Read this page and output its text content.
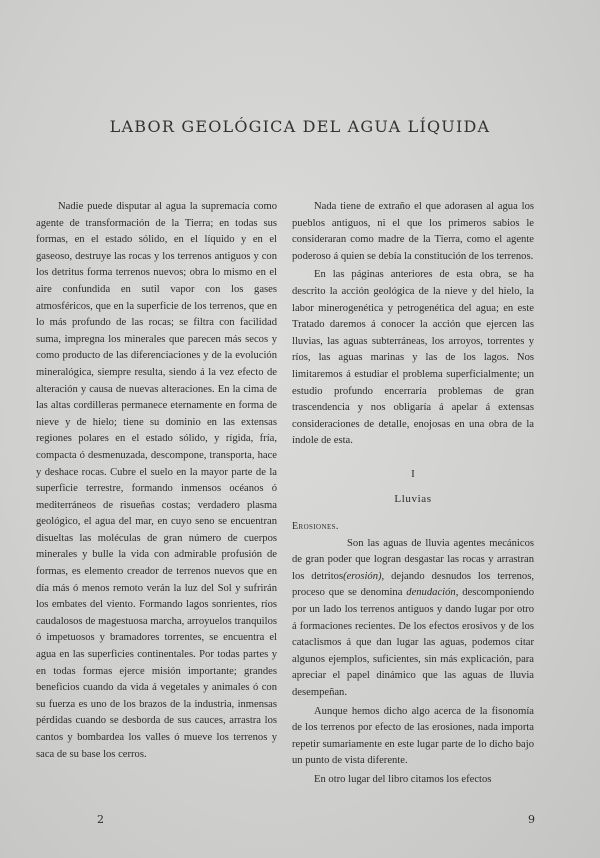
LABOR GEOLÓGICA DEL AGUA LÍQUIDA

Nadie puede disputar al agua la supremacía como agente de transformación de la Tierra; en todas sus formas, en el estado sólido, en el líquido y en el gaseoso, destruye las rocas y los terrenos antiguos y con los detritus forma terrenos nuevos; obra lo mismo en el aire confundida en sutil vapor con los gases atmosféricos, que en la superficie de los terrenos, que en lo más profundo de las rocas; se filtra con facilidad suma, impregna los minerales que parecen más secos y como producto de las diferenciaciones y de la evolución mineralógica, siempre resulta, siendo á la vez efecto de alteración y causa de nuevas alteraciones. En la cima de las altas cordilleras permanece eternamente en forma de nieve y de hielo; tiene su dominio en las extensas regiones polares en el estado sólido, y rígida, fría, compacta ó desmenuzada, descompone, transporta, hace y deshace rocas. Cubre el suelo en la mayor parte de la superficie terrestre, formando inmensos océanos ó mediterráneos de risueñas costas; verdadero plasma geológico, el agua del mar, en cuyo seno se encuentran disueltas las moléculas de gran número de cuerpos minerales y bulle la vida con admirable profusión de formas, es elemento creador de terrenos nuevos que en día más ó menos remoto verán la luz del Sol y sufrirán los embates del viento. Formando lagos sonrientes, ríos caudalosos de magestuosa marcha, arroyuelos tranquilos ó impetuosos y bramadores torrentes, se encuentra el agua en las superficies continentales. Por todas partes y en todas formas ejerce misión importante; grandes beneficios cuando da vida á vegetales y animales ó con su fuerza es uno de los brazos de la industria, inmensas pérdidas cuando se desborda de sus cauces, arrastra los cantos y bombardea los valles ó mueve los terrenos y saca de su base los cerros.

Nada tiene de extraño el que adorasen al agua los pueblos antiguos, ni el que los primeros sabios le consideraran como madre de la Tierra, como el agente poderoso á quien se debía la constitución de los terrenos.

En las páginas anteriores de esta obra, se ha descrito la acción geológica de la nieve y del hielo, la labor minerogenética y petrogenética del agua; en este Tratado daremos á conocer la acción que ejercen las lluvias, las aguas subterráneas, los arroyos, torrentes y ríos, las aguas marinas y las de los lagos. Nos limitaremos á estudiar el problema superficialmente; un estudio profundo encerraría problemas de gran trascendencia y nos obligaría á apelar á extensas consideraciones de detalle, enojosas en una obra de la índole de esta.

I
Lluvias
Erosiones.

Son las aguas de lluvia agentes mecánicos de gran poder que logran desgastar las rocas y arrastran los detritos(erosión), dejando desnudos los terrenos, proceso que se denomina denudación, descomponiendo por un lado los terrenos antiguos y dando lugar por otro á formaciones recientes. De los efectos erosivos y de los cataclismos á que dan lugar las aguas, podemos citar algunos ejemplos, suficientes, sin más explicación, para apreciar el papel dinámico que las aguas de lluvia desempeñan.

Aunque hemos dicho algo acerca de la fisonomía de los terrenos por efecto de las erosiones, nada importa repetir sumariamente en este lugar parte de lo dicho bajo un punto de vista diferente.

En otro lugar del libro citamos los efectos

2	9
